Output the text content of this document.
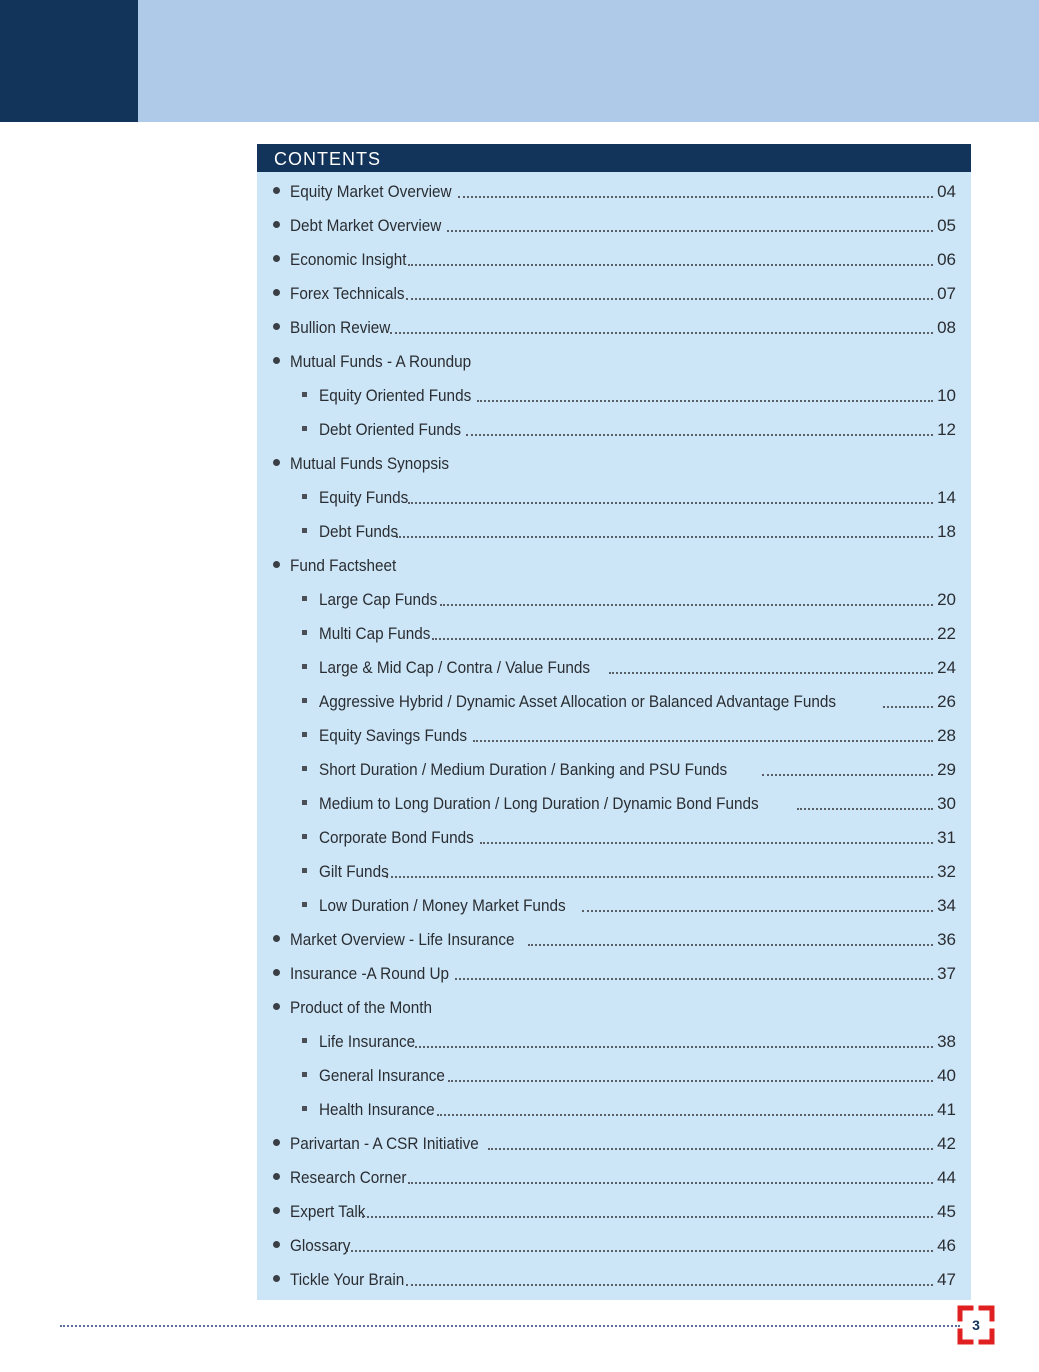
CONTENTS
Equity Market Overview	04
Debt Market Overview	05
Economic Insight	06
Forex Technicals	07
Bullion Review	08
Mutual Funds - A Roundup
Equity Oriented Funds	10
Debt Oriented Funds	12
Mutual Funds Synopsis
Equity Funds	14
Debt Funds	18
Fund Factsheet
Large Cap Funds	20
Multi Cap Funds	22
Large & Mid Cap / Contra / Value Funds	24
Aggressive Hybrid / Dynamic Asset Allocation or Balanced Advantage Funds	26
Equity Savings Funds	28
Short Duration / Medium Duration / Banking and PSU Funds	29
Medium to Long Duration / Long Duration / Dynamic Bond Funds	30
Corporate Bond Funds	31
Gilt Funds	32
Low Duration / Money Market Funds	34
Market Overview - Life Insurance	36
Insurance -A Round Up	37
Product of the Month
Life Insurance	38
General Insurance	40
Health Insurance	41
Parivartan - A CSR Initiative	42
Research Corner	44
Expert Talk	45
Glossary	46
Tickle Your Brain	47
3
